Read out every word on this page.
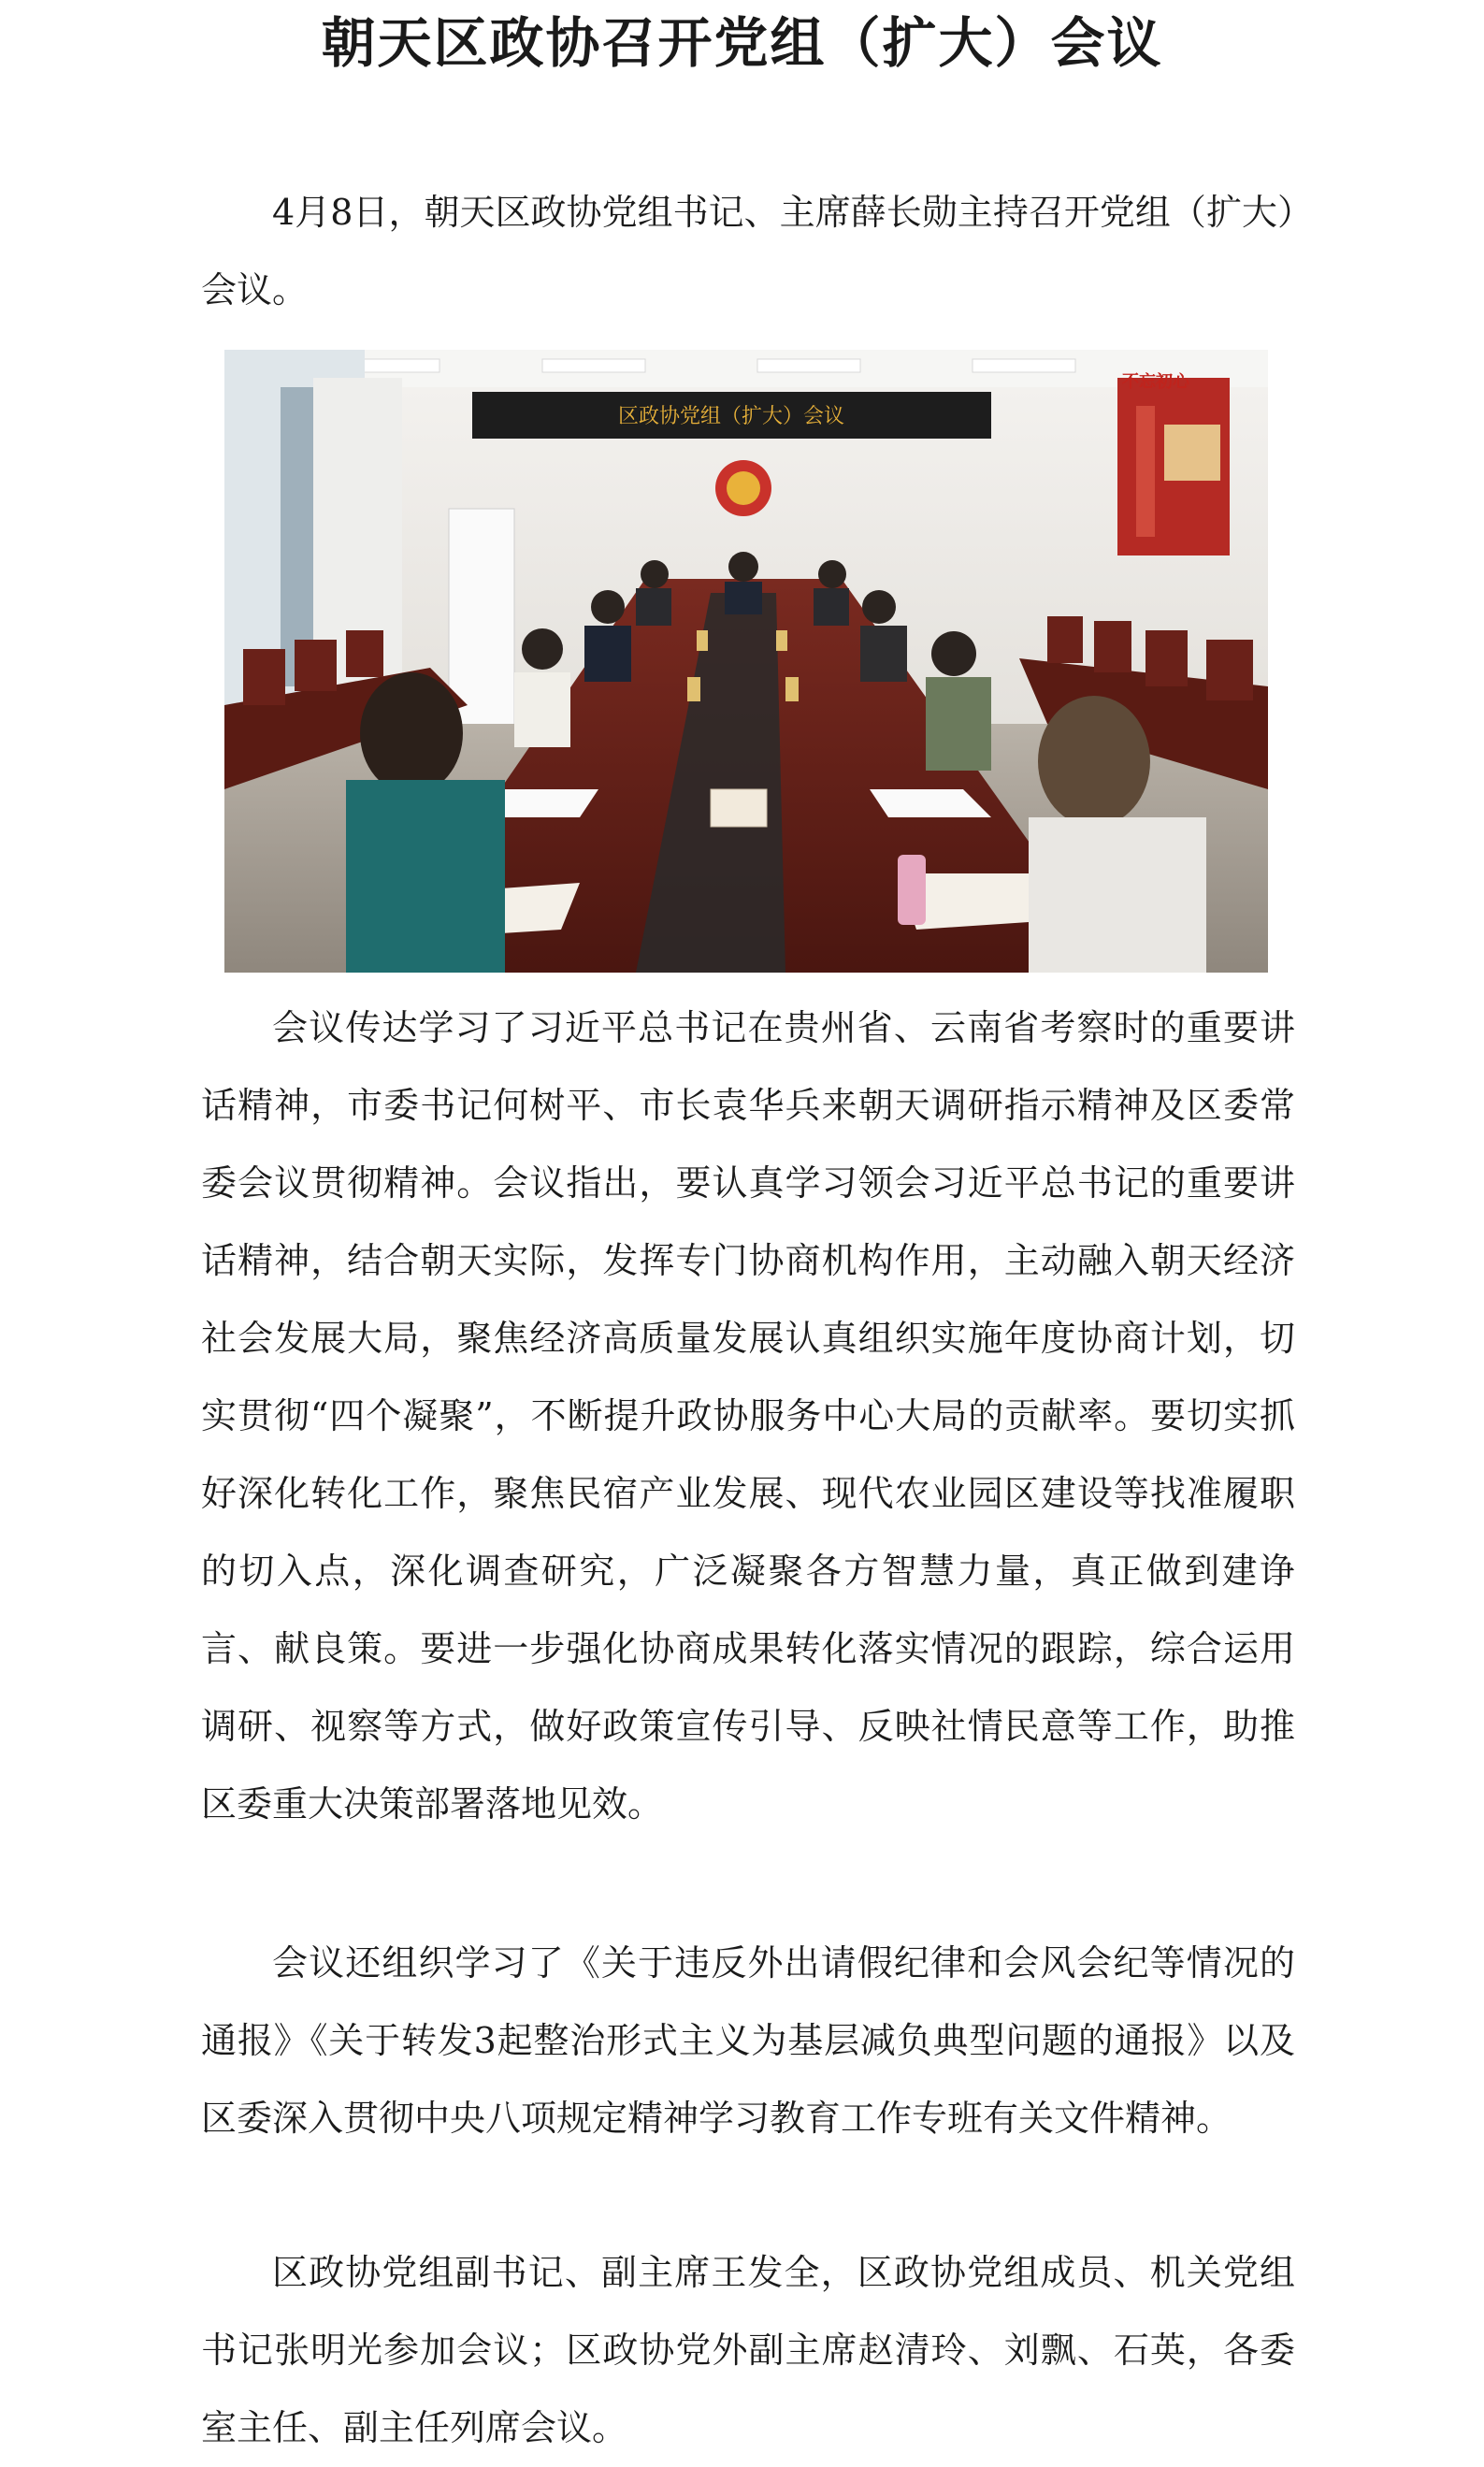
朝天区政协召开党组（扩大）会议

4月8日，朝天区政协党组书记、主席薛长勋主持召开党组（扩大）会议。

不忘初心
区政协党组（扩大）会议

会议传达学习了习近平总书记在贵州省、云南省考察时的重要讲话精神，市委书记何树平、市长袁华兵来朝天调研指示精神及区委常委会议贯彻精神。会议指出，要认真学习领会习近平总书记的重要讲话精神，结合朝天实际，发挥专门协商机构作用，主动融入朝天经济社会发展大局，聚焦经济高质量发展认真组织实施年度协商计划，切实贯彻“四个凝聚”，不断提升政协服务中心大局的贡献率。要切实抓好深化转化工作，聚焦民宿产业发展、现代农业园区建设等找准履职的切入点，深化调查研究，广泛凝聚各方智慧力量，真正做到建诤言、献良策。要进一步强化协商成果转化落实情况的跟踪，综合运用调研、视察等方式，做好政策宣传引导、反映社情民意等工作，助推区委重大决策部署落地见效。

会议还组织学习了《关于违反外出请假纪律和会风会纪等情况的通报》《关于转发3起整治形式主义为基层减负典型问题的通报》以及区委深入贯彻中央八项规定精神学习教育工作专班有关文件精神。

区政协党组副书记、副主席王发全，区政协党组成员、机关党组书记张明光参加会议；区政协党外副主席赵清玲、刘飘、石英，各委室主任、副主任列席会议。
